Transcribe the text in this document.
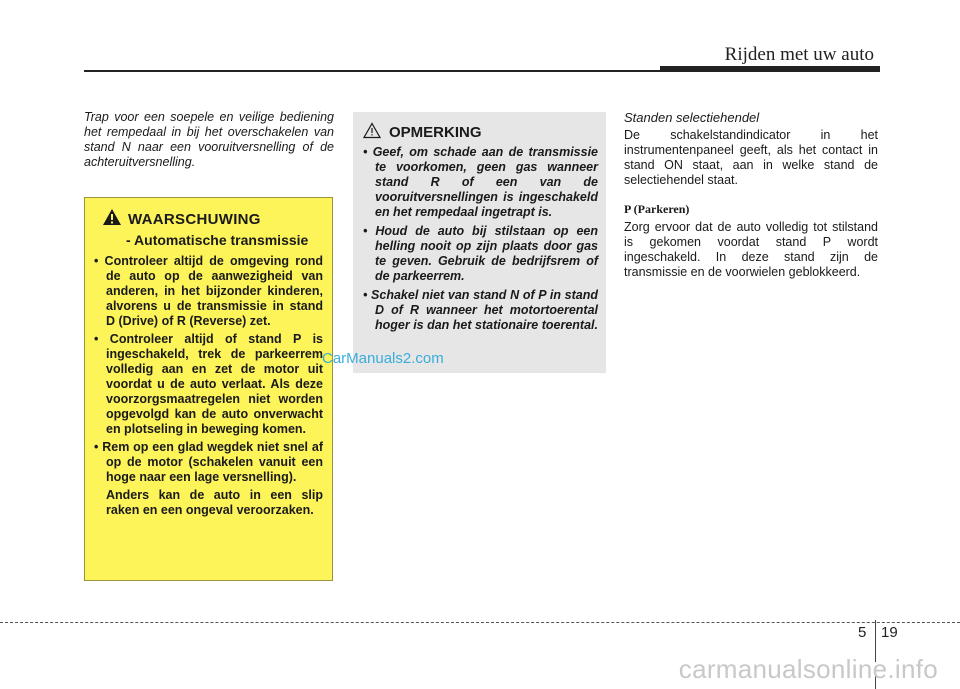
Rijden met uw auto
Trap voor een soepele en veilige bediening het rempedaal in bij het overschakelen van stand N naar een vooruitversnelling of de achteruitversnelling.
WAARSCHUWING
- Automatische transmissie
• Controleer altijd de omgeving rond de auto op de aanwezigheid van anderen, in het bijzonder kinderen, alvorens u de transmissie in stand D (Drive) of R (Reverse) zet.
• Controleer altijd of stand P is ingeschakeld, trek de parkeerrem volledig aan en zet de motor uit voordat u de auto verlaat. Als deze voorzorgsmaatregelen niet worden opgevolgd kan de auto onverwacht en plotseling in beweging komen.
• Rem op een glad wegdek niet snel af op de motor (schakelen vanuit een hoge naar een lage versnelling).
Anders kan de auto in een slip raken en een ongeval veroorzaken.
OPMERKING
• Geef, om schade aan de transmissie te voorkomen, geen gas wanneer stand R of een van de vooruitversnellingen is ingeschakeld en het rempedaal ingetrapt is.
• Houd de auto bij stilstaan op een helling nooit op zijn plaats door gas te geven. Gebruik de bedrijfsrem of de parkeerrem.
• Schakel niet van stand N of P in stand D of R wanneer het motortoerental hoger is dan het stationaire toerental.
Standen selectiehendel
De schakelstandindicator in het instrumentenpaneel geeft, als het contact in stand ON staat, aan in welke stand de selectiehendel staat.
P (Parkeren)
Zorg ervoor dat de auto volledig tot stilstand is gekomen voordat stand P wordt ingeschakeld. In deze stand zijn de transmissie en de voorwielen geblokkeerd.
CarManuals2.com
5 19
carmanualsonline.info
